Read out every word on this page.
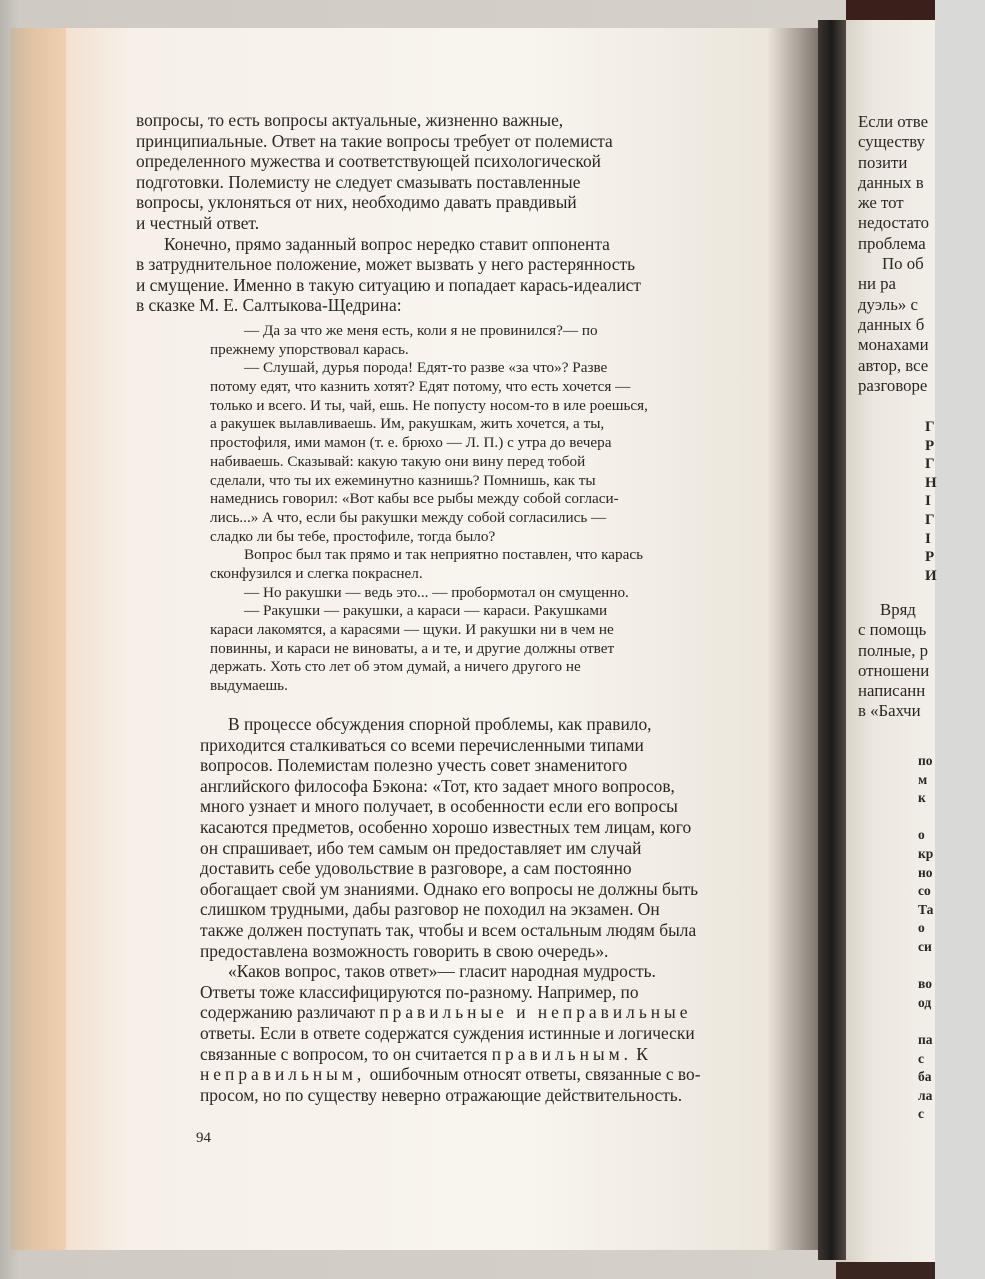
вопросы, то есть вопросы актуальные, жизненно важные,
принципиальные. Ответ на такие вопросы требует от полемиста
определенного мужества и соответствующей психологической
подготовки. Полемисту не следует смазывать поставленные
вопросы, уклоняться от них, необходимо давать правдивый
и честный ответ.
Конечно, прямо заданный вопрос нередко ставит оппонента
в затруднительное положение, может вызвать у него растерянность
и смущение. Именно в такую ситуацию и попадает карась-идеалист
в сказке М. Е. Салтыкова-Щедрина:
— Да за что же меня есть, коли я не провинился?— по
прежнему упорствовал карась.
— Слушай, дурья порода! Едят-то разве «за что»? Разве
потому едят, что казнить хотят? Едят потому, что есть хочется —
только и всего. И ты, чай, ешь. Не попусту носом-то в иле роешься,
а ракушек вылавливаешь. Им, ракушкам, жить хочется, а ты,
простофиля, ими мамон (т. е. брюхо — Л. П.) с утра до вечера
набиваешь. Сказывай: какую такую они вину перед тобой
сделали, что ты их ежеминутно казнишь? Помнишь, как ты
намеднись говорил: «Вот кабы все рыбы между собой согласи-
лись...» А что, если бы ракушки между собой согласились —
сладко ли бы тебе, простофиле, тогда было?
Вопрос был так прямо и так неприятно поставлен, что карась
сконфузился и слегка покраснел.
— Но ракушки — ведь это... — пробормотал он смущенно.
— Ракушки — ракушки, а караси — караси. Ракушками
караси лакомятся, а карасями — щуки. И ракушки ни в чем не
повинны, и караси не виноваты, а и те, и другие должны ответ
держать. Хоть сто лет об этом думай, а ничего другого не
выдумаешь.
В процессе обсуждения спорной проблемы, как правило,
приходится сталкиваться со всеми перечисленными типами
вопросов. Полемистам полезно учесть совет знаменитого
английского философа Бэкона: «Тот, кто задает много вопросов,
много узнает и много получает, в особенности если его вопросы
касаются предметов, особенно хорошо известных тем лицам, кого
он спрашивает, ибо тем самым он предоставляет им случай
доставить себе удовольствие в разговоре, а сам постоянно
обогащает свой ум знаниями. Однако его вопросы не должны быть
слишком трудными, дабы разговор не походил на экзамен. Он
также должен поступать так, чтобы и всем остальным людям была
предоставлена возможность говорить в свою очередь».
«Каков вопрос, таков ответ»— гласит народная мудрость.
Ответы тоже классифицируются по-разному. Например, по
содержанию различают правильные и неправильные
ответы. Если в ответе содержатся суждения истинные и логически
связанные с вопросом, то он считается правильным. К
неправильным, ошибочным относят ответы, связанные с во-
просом, но по существу неверно отражающие действительность.
94
Если отве
существу
позити
данных в
же тот
недостато
проблема
По об
ни ра
дуэль» с
данных б
монахами
автор, все
разговоре
Г
Р
Г
Н
І
Г
І
Р
И
Вряд
с помощь
полные, р
отношени
написанн
в «Бахчи
по
м
к
о
кр
но
со
Та
о
си
во
од
па
с
ба
ла
с
